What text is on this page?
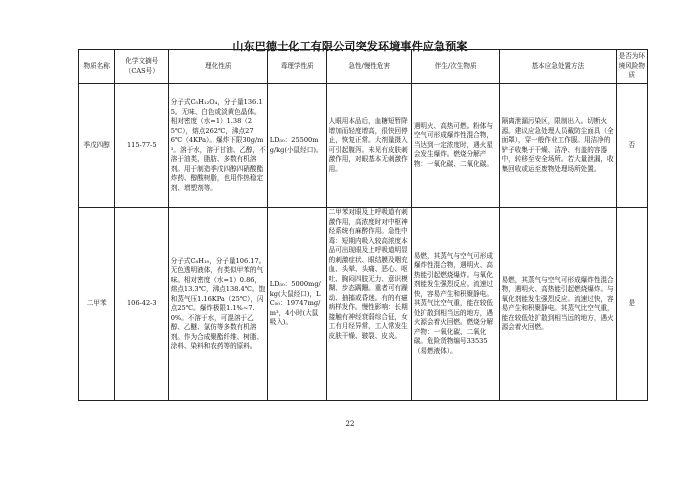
山东巴德士化工有限公司突发环境事件应急预案
物质名称	化学文摘号（CAS号）	理化性质	毒理学性质	急性/慢性危害	伴生/次生物质	基本应急处置方法	是否为环境风险物质
季戊四醇	115-77-5	分子式C₅H₁₂O₄，分子量136.15。无味、白色或淡黄色晶体。相对密度（水=1）1.38（25℃），熔点262℃，沸点276℃（4KPa）。爆炸下限30g/m³。溶于水，溶于甘油、乙醇，不溶于油类、脂肪、多数有机溶剂。用于制造季戊四醇四硝酸酯炸药、醇酸树脂，也用作热稳定剂、增塑剂等。	LD₅₀：25500mg/kg(小鼠经口)。	人眼用本品后，血糖短暂降增加而轻度增高，很快回停止，恢复正常。大剂量摄入可引起腹泻。未见有皮肤刺激作用，对眼基本无刺激作用。	遇明火、高热可燃。粉体与空气可形成爆炸性混合物，当达到一定浓度时，遇火星会发生爆炸。燃烧分解产物：一氧化碳、二氧化碳。	隔离泄漏污染区，限制出入。切断火源。建议应急处理人员戴防尘面具（全面罩），穿一般作业工作服。用洁净的铲子收集于干燥、洁净、有盖的容器中，转移至安全场所。若大量泄漏，收集回收或运至废物处理场所处置。	否
二甲苯	106-42-3	分子式C₈H₁₀，分子量106.17。无色透明液体，有类似甲苯的气味。相对密度（水=1）0.86，熔点13.3℃，沸点138.4℃。饱和蒸气压1.16KPa（25℃），闪点25℃。爆炸极限1.1%~7.0%。不溶于水，可混溶于乙醇、乙醚、氯仿等多数有机溶剂。作为合成聚酯纤维、树脂、涂料、染料和农药等的原料。	LD₅₀：5000mg/kg(大鼠经口)，LC₅₀：19747mg/m³，4小时(大鼠吸入)。	二甲苯对眼及上呼吸道有刺激作用，高浓度时对中枢神经系统有麻醉作用。急性中毒：短期内吸入较高浓度本品可出现眼及上呼吸道明显的刺激症状、眼结膜及咽充血、头晕、头痛、恶心、呕吐、胸闷四肢无力、意识模糊、步态蹒跚。重者可有躁动、抽搐或昏迷。有的有癔病样发作。慢性影响：长期接触有神经衰弱综合征，女工有月经异常，工人常发生皮肤干燥、皲裂、皮炎。	易燃，其蒸气与空气可形成爆炸性混合物，遇明火、高热能引起燃烧爆炸。与氧化剂能发生强烈反应。流速过快，容易产生和积聚静电。其蒸气比空气重，能在较低处扩散到相当远的地方，遇火源会着火回燃。燃烧分解产物：一氧化碳、二氧化碳。危险货物编号33535（易燃液体）。	易燃，其蒸气与空气可形成爆炸性混合物，遇明火、高热能引起燃烧爆炸。与氧化剂能发生强烈反应。流速过快，容易产生和积聚静电。其蒸气比空气重，能在较低处扩散到相当远的地方，遇火源会着火回燃。	是
22
